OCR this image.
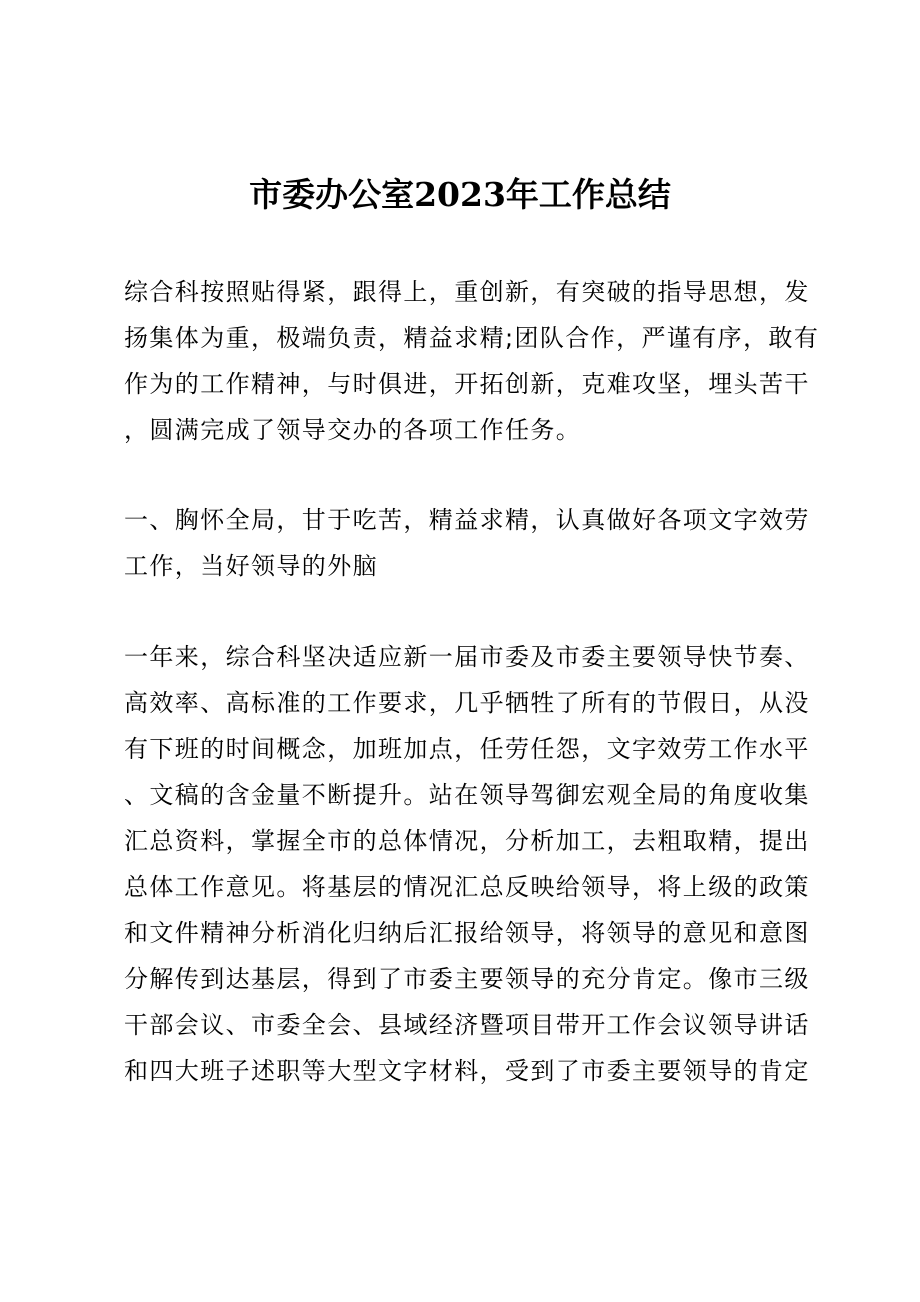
市委办公室2023年工作总结
综合科按照贴得紧，跟得上，重创新，有突破的指导思想，发
扬集体为重，极端负责，精益求精;团队合作，严谨有序，敢有
作为的工作精神，与时俱进，开拓创新，克难攻坚，埋头苦干
，圆满完成了领导交办的各项工作任务。
一、胸怀全局，甘于吃苦，精益求精，认真做好各项文字效劳
工作，当好领导的外脑
一年来，综合科坚决适应新一届市委及市委主要领导快节奏、
高效率、高标准的工作要求，几乎牺牲了所有的节假日，从没
有下班的时间概念，加班加点，任劳任怨，文字效劳工作水平
、文稿的含金量不断提升。站在领导驾御宏观全局的角度收集
汇总资料，掌握全市的总体情况，分析加工，去粗取精，提出
总体工作意见。将基层的情况汇总反映给领导，将上级的政策
和文件精神分析消化归纳后汇报给领导，将领导的意见和意图
分解传到达基层，得到了市委主要领导的充分肯定。像市三级
干部会议、市委全会、县域经济暨项目带开工作会议领导讲话
和四大班子述职等大型文字材料，受到了市委主要领导的肯定
